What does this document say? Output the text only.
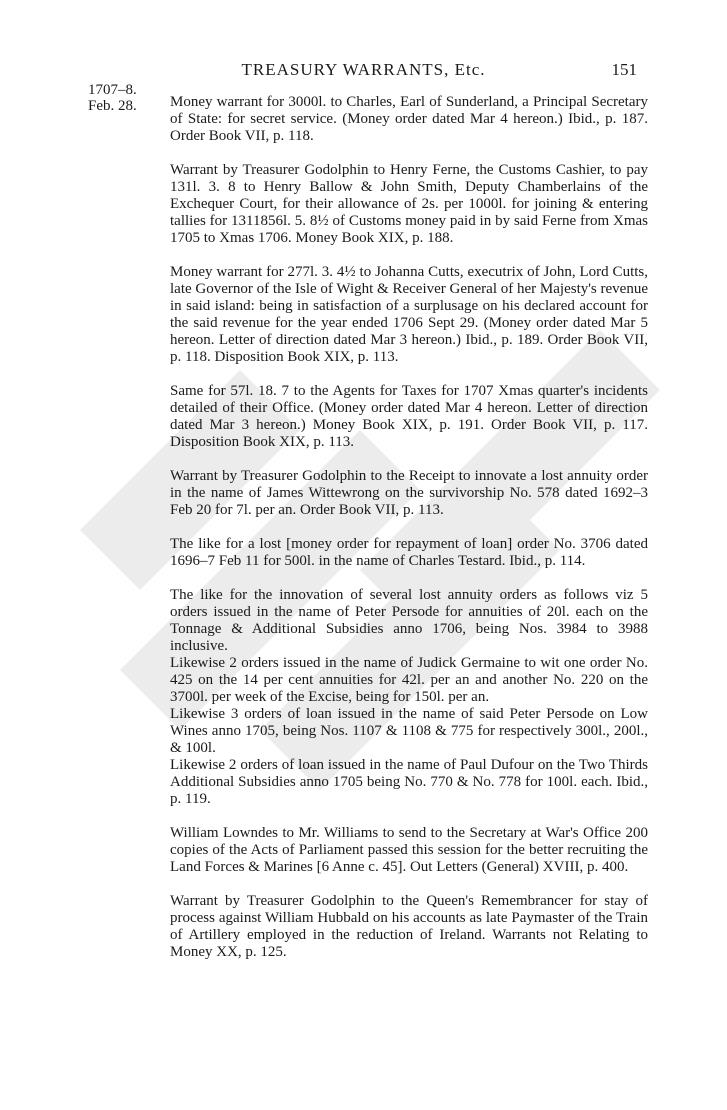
TREASURY WARRANTS, Etc.	151
1707–8.
Feb. 28. Money warrant for 3000l. to Charles, Earl of Sunderland, a Principal Secretary of State: for secret service. (Money order dated Mar 4 hereon.) Ibid., p. 187. Order Book VII, p. 118.

Warrant by Treasurer Godolphin to Henry Ferne, the Customs Cashier, to pay 131l. 3. 8 to Henry Ballow & John Smith, Deputy Chamberlains of the Exchequer Court, for their allowance of 2s. per 1000l. for joining & entering tallies for 1311856l. 5. 8½ of Customs money paid in by said Ferne from Xmas 1705 to Xmas 1706. Money Book XIX, p. 188.

Money warrant for 277l. 3. 4½ to Johanna Cutts, executrix of John, Lord Cutts, late Governor of the Isle of Wight & Receiver General of her Majesty's revenue in said island: being in satisfaction of a surplusage on his declared account for the said revenue for the year ended 1706 Sept 29. (Money order dated Mar 5 hereon. Letter of direction dated Mar 3 hereon.) Ibid., p. 189. Order Book VII, p. 118. Disposition Book XIX, p. 113.

Same for 57l. 18. 7 to the Agents for Taxes for 1707 Xmas quarter's incidents detailed of their Office. (Money order dated Mar 4 hereon. Letter of direction dated Mar 3 hereon.) Money Book XIX, p. 191. Order Book VII, p. 117. Disposition Book XIX, p. 113.

Warrant by Treasurer Godolphin to the Receipt to innovate a lost annuity order in the name of James Wittewrong on the survivorship No. 578 dated 1692–3 Feb 20 for 7l. per an. Order Book VII, p. 113.

The like for a lost [money order for repayment of loan] order No. 3706 dated 1696–7 Feb 11 for 500l. in the name of Charles Testard. Ibid., p. 114.

The like for the innovation of several lost annuity orders as follows viz 5 orders issued in the name of Peter Persode for annuities of 20l. each on the Tonnage & Additional Subsidies anno 1706, being Nos. 3984 to 3988 inclusive.

Likewise 2 orders issued in the name of Judick Germaine to wit one order No. 425 on the 14 per cent annuities for 42l. per an and another No. 220 on the 3700l. per week of the Excise, being for 150l. per an.

Likewise 3 orders of loan issued in the name of said Peter Persode on Low Wines anno 1705, being Nos. 1107 & 1108 & 775 for respectively 300l., 200l., & 100l.

Likewise 2 orders of loan issued in the name of Paul Dufour on the Two Thirds Additional Subsidies anno 1705 being No. 770 & No. 778 for 100l. each. Ibid., p. 119.

William Lowndes to Mr. Williams to send to the Secretary at War's Office 200 copies of the Acts of Parliament passed this session for the better recruiting the Land Forces & Marines [6 Anne c. 45]. Out Letters (General) XVIII, p. 400.

Warrant by Treasurer Godolphin to the Queen's Remembrancer for stay of process against William Hubbald on his accounts as late Paymaster of the Train of Artillery employed in the reduction of Ireland. Warrants not Relating to Money XX, p. 125.
